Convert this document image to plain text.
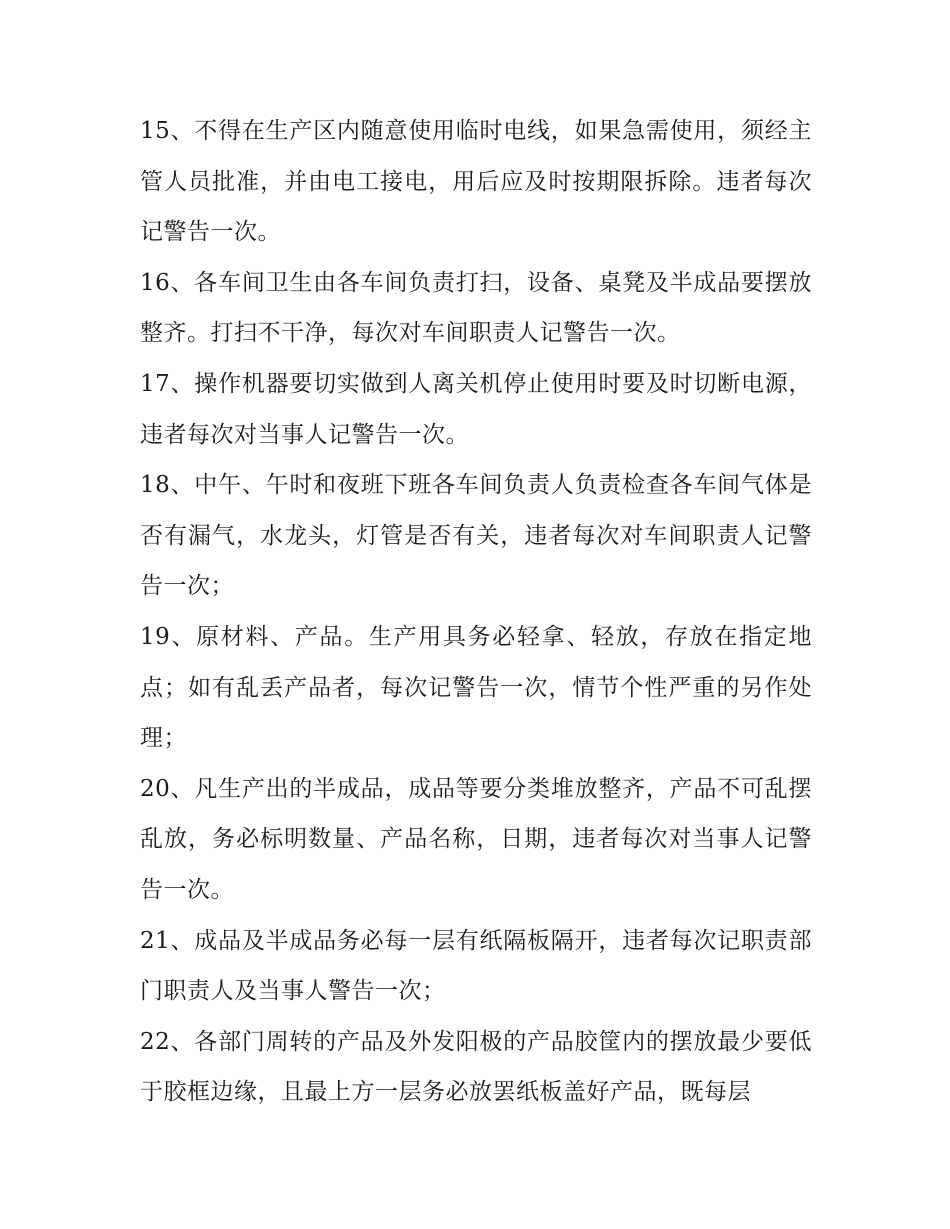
15、不得在生产区内随意使用临时电线，如果急需使用，须经主管人员批准，并由电工接电，用后应及时按期限拆除。违者每次记警告一次。

16、各车间卫生由各车间负责打扫，设备、桌凳及半成品要摆放整齐。打扫不干净，每次对车间职责人记警告一次。

17、操作机器要切实做到人离关机停止使用时要及时切断电源，违者每次对当事人记警告一次。

18、中午、午时和夜班下班各车间负责人负责检查各车间气体是否有漏气，水龙头，灯管是否有关，违者每次对车间职责人记警告一次；

19、原材料、产品。生产用具务必轻拿、轻放，存放在指定地点；如有乱丢产品者，每次记警告一次，情节个性严重的另作处理；

20、凡生产出的半成品，成品等要分类堆放整齐，产品不可乱摆乱放，务必标明数量、产品名称，日期，违者每次对当事人记警告一次。

21、成品及半成品务必每一层有纸隔板隔开，违者每次记职责部门职责人及当事人警告一次；

22、各部门周转的产品及外发阳极的产品胶筐内的摆放最少要低于胶框边缘，且最上方一层务必放罢纸板盖好产品，既每层
